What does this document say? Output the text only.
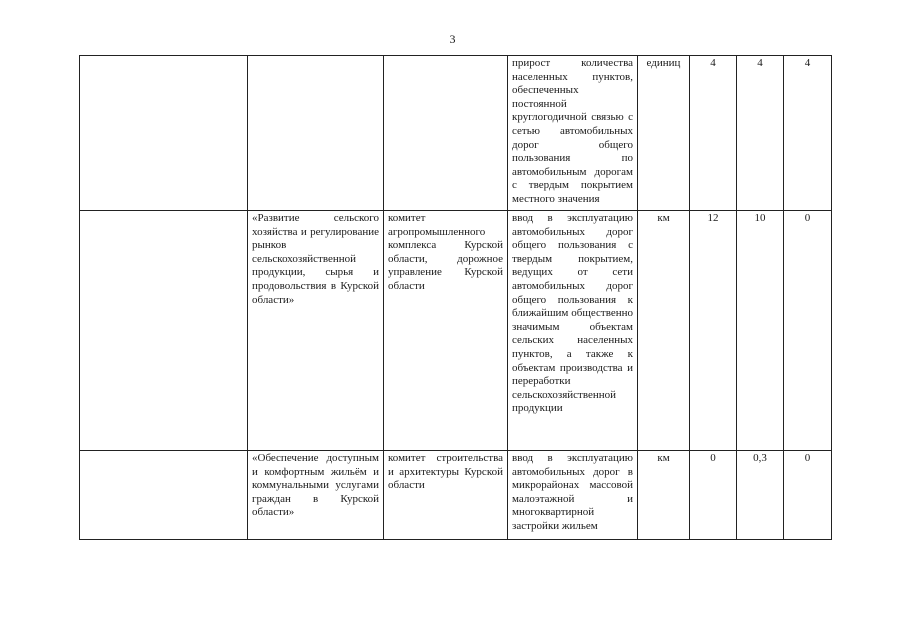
3
			прирост количества населенных пунктов, обеспеченных постоянной круглогодичной связью с сетью автомобильных дорог общего пользования по автомобильным дорогам с твердым покрытием местного значения	единиц	4	4	4
	«Развитие сельского хозяйства и регулирование рынков сельскохозяйственной продукции, сырья и продовольствия в Курской области»	комитет агропромышленного комплекса Курской области, дорожное управление Курской области	ввод в эксплуатацию автомобильных дорог общего пользования с твердым покрытием, ведущих от сети автомобильных дорог общего пользования к ближайшим общественно значимым объектам сельских населенных пунктов, а также к объектам производства и переработки сельскохозяйственной продукции	км	12	10	0
	«Обеспечение доступным и комфортным жильём и коммунальными услугами граждан в Курской области»	комитет строительства и архитектуры Курской области	ввод в эксплуатацию автомобильных дорог в микрорайонах массовой малоэтажной и многоквартирной застройки жильем	км	0	0,3	0
